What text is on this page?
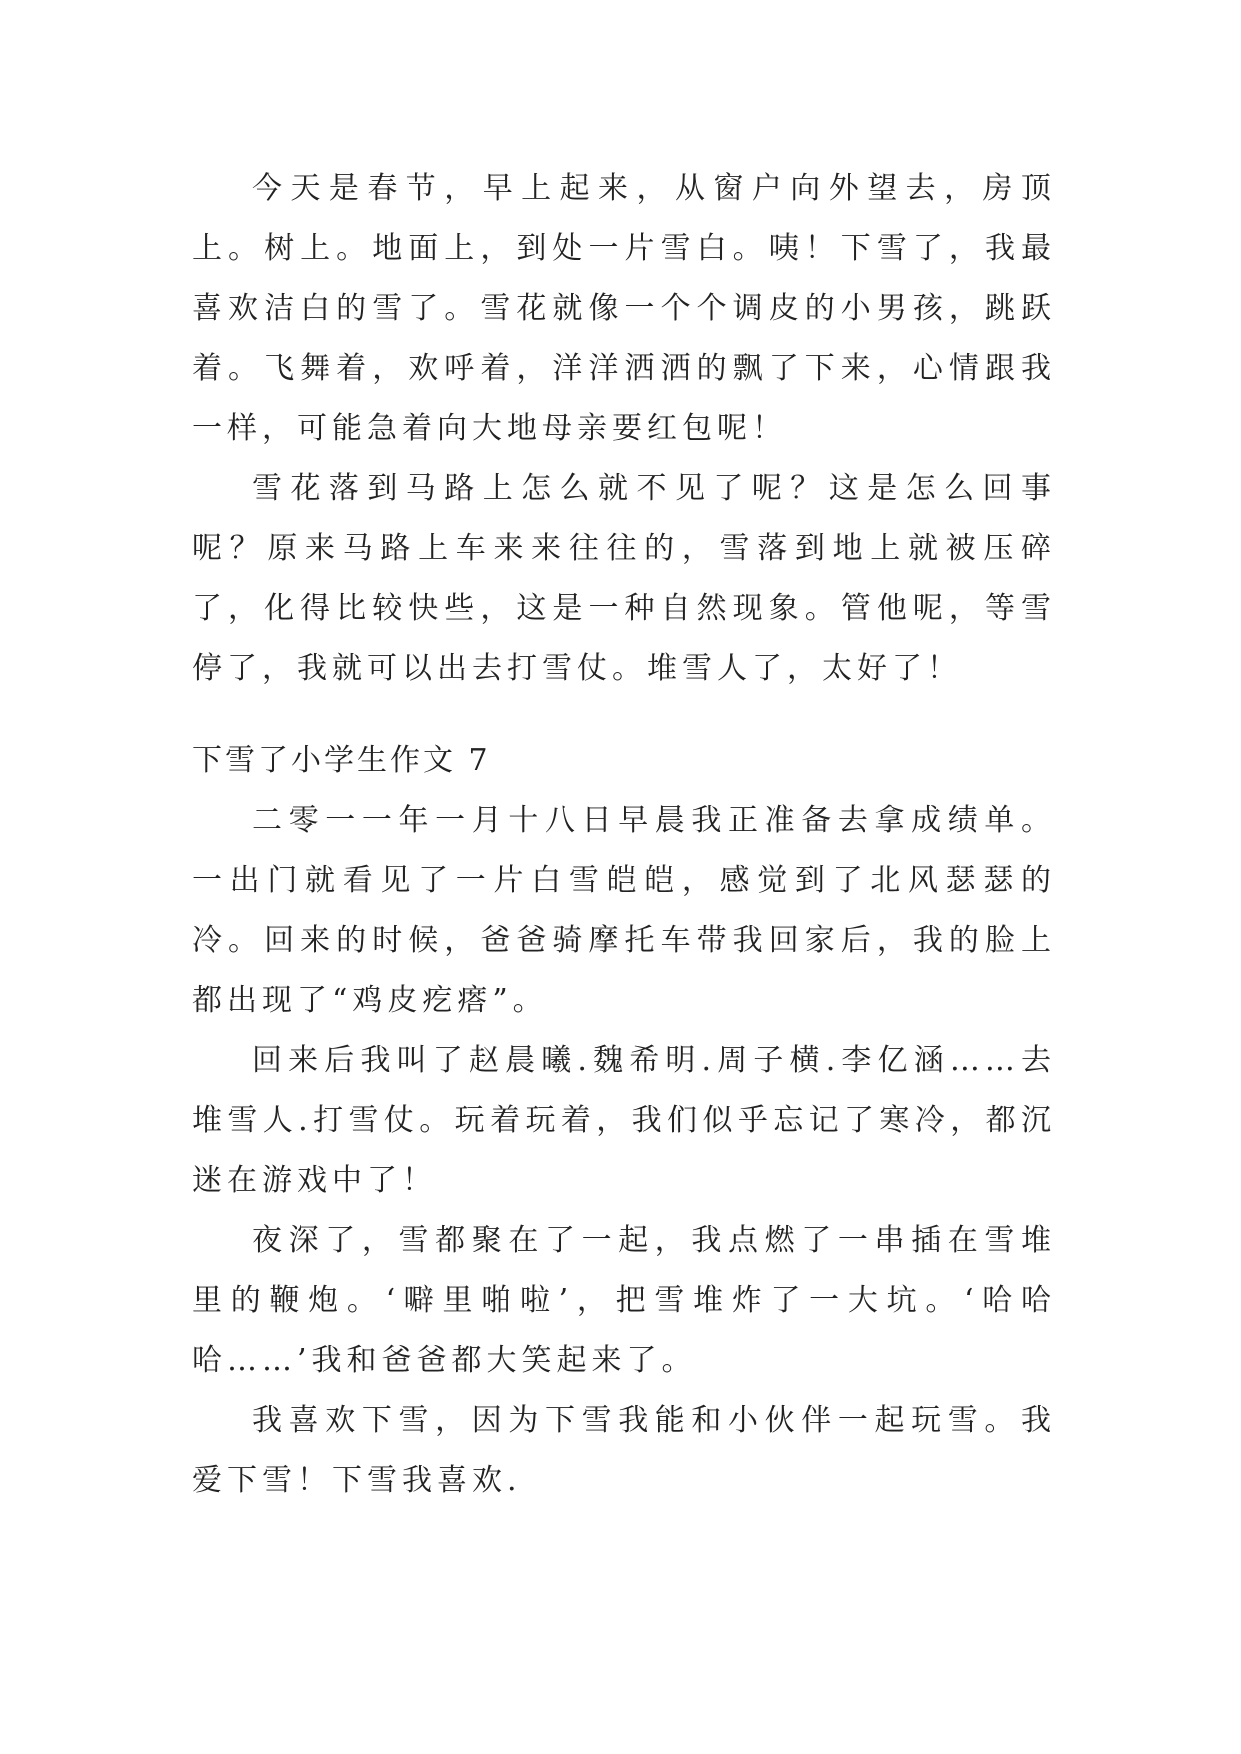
今天是春节，早上起来，从窗户向外望去，房顶上。树上。地面上，到处一片雪白。咦！下雪了，我最喜欢洁白的雪了。雪花就像一个个调皮的小男孩，跳跃着。飞舞着，欢呼着，洋洋洒洒的飘了下来，心情跟我一样，可能急着向大地母亲要红包呢！

雪花落到马路上怎么就不见了呢？这是怎么回事呢？原来马路上车来来往往的，雪落到地上就被压碎了，化得比较快些，这是一种自然现象。管他呢，等雪停了，我就可以出去打雪仗。堆雪人了，太好了！

下雪了小学生作文 7

二零一一年一月十八日早晨我正准备去拿成绩单。一出门就看见了一片白雪皑皑，感觉到了北风瑟瑟的冷。回来的时候，爸爸骑摩托车带我回家后，我的脸上都出现了“鸡皮疙瘩”。

回来后我叫了赵晨曦.魏希明.周子横.李亿涵……去堆雪人.打雪仗。玩着玩着，我们似乎忘记了寒冷，都沉迷在游戏中了！

夜深了，雪都聚在了一起，我点燃了一串插在雪堆里的鞭炮。‘噼里啪啦’，把雪堆炸了一大坑。‘哈哈哈……’我和爸爸都大笑起来了。

我喜欢下雪，因为下雪我能和小伙伴一起玩雪。我爱下雪！下雪我喜欢.
